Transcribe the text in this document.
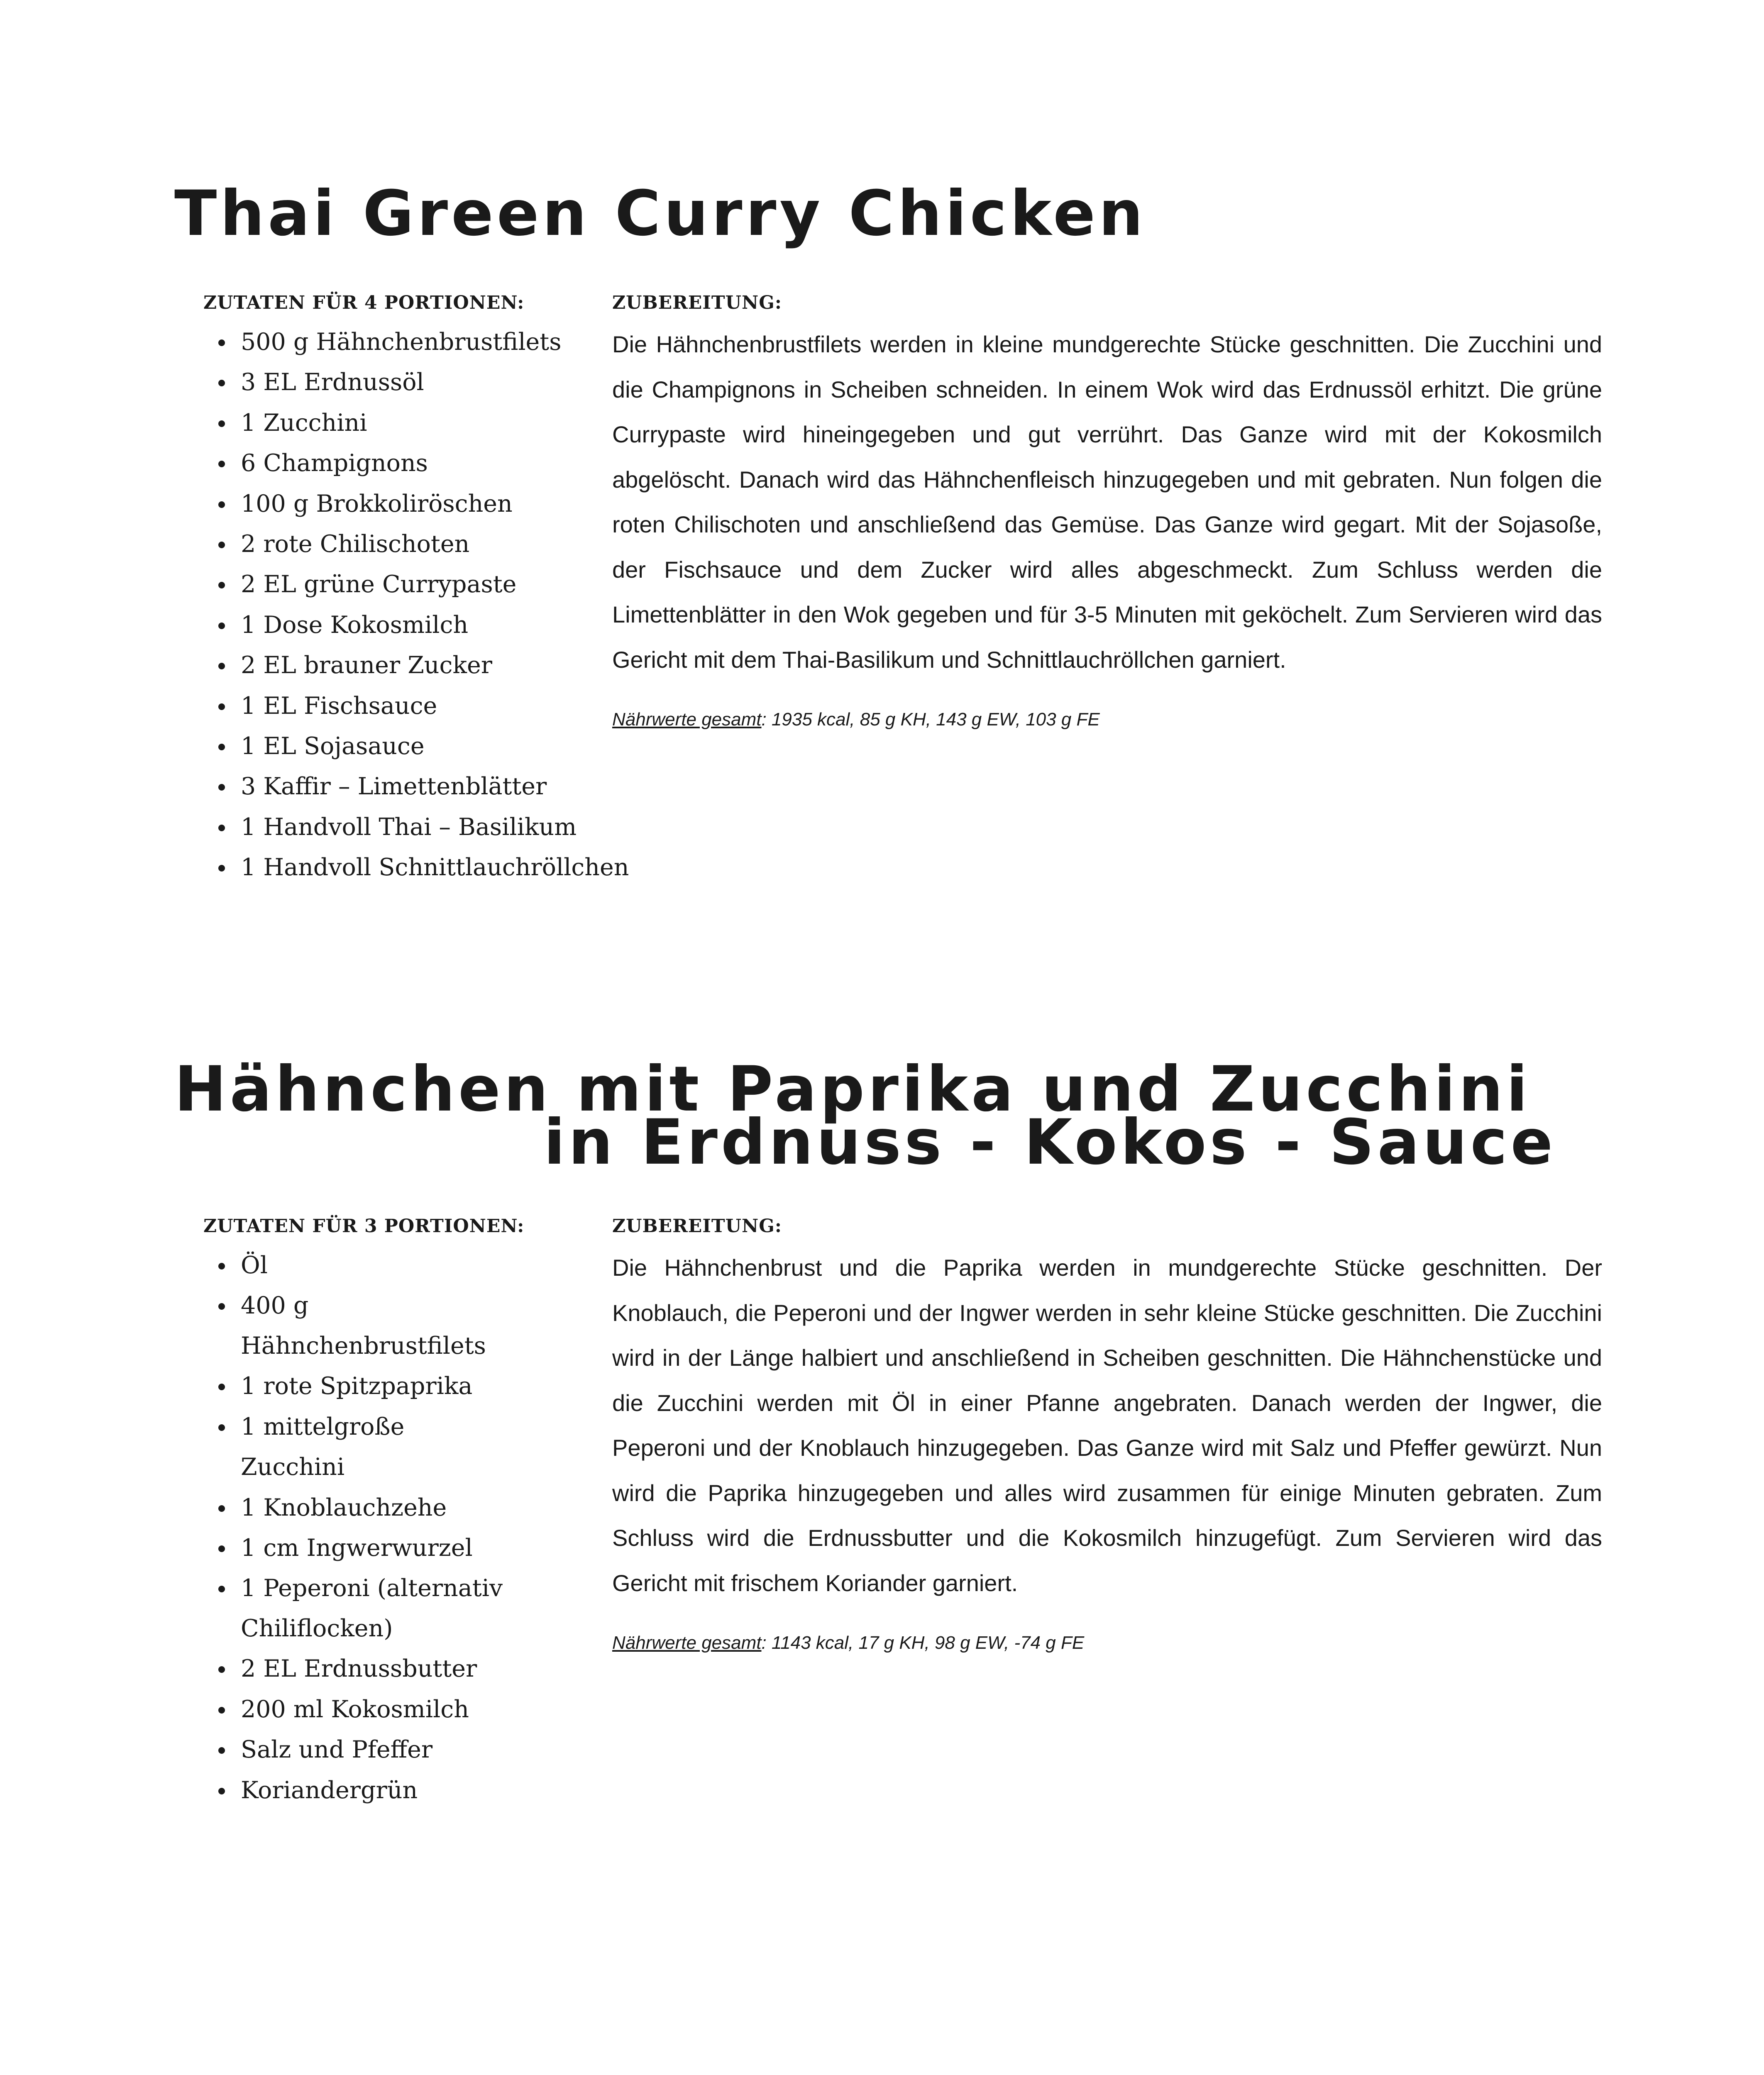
Thai Green Curry Chicken

ZUTATEN FÜR 4 PORTIONEN:

500 g Hähnchenbrustfilets
3 EL Erdnussöl
1 Zucchini
6 Champignons
100 g Brokkoliröschen
2 rote Chilischoten
2 EL grüne Currypaste
1 Dose Kokosmilch
2 EL brauner Zucker
1 EL Fischsauce
1 EL Sojasauce
3 Kaffir – Limettenblätter
1 Handvoll Thai – Basilikum
1 Handvoll Schnittlauchröllchen

ZUBEREITUNG:

Die Hähnchenbrustfilets werden in kleine mundgerechte Stücke geschnitten. Die Zucchini und die Champignons in Scheiben schneiden. In einem Wok wird das Erdnussöl erhitzt. Die grüne Currypaste wird hineingegeben und gut verrührt. Das Ganze wird mit der Kokosmilch abgelöscht. Danach wird das Hähnchenfleisch hinzugegeben und mit gebraten. Nun folgen die roten Chilischoten und anschließend das Gemüse. Das Ganze wird gegart. Mit der Sojasoße, der Fischsauce und dem Zucker wird alles abgeschmeckt. Zum Schluss werden die Limettenblätter in den Wok gegeben und für 3-5 Minuten mit geköchelt. Zum Servieren wird das Gericht mit dem Thai-Basilikum und Schnittlauchröllchen garniert.

Nährwerte gesamt: 1935 kcal, 85 g KH, 143 g EW, 103 g FE

Hähnchen mit Paprika und Zucchini
in Erdnuss - Kokos - Sauce

ZUTATEN FÜR 3 PORTIONEN:

Öl
400 g Hähnchenbrustfilets
1 rote Spitzpaprika
1 mittelgroße Zucchini
1 Knoblauchzehe
1 cm Ingwerwurzel
1 Peperoni (alternativ Chiliflocken)
2 EL Erdnussbutter
200 ml Kokosmilch
Salz und Pfeffer
Koriandergrün

ZUBEREITUNG:

Die Hähnchenbrust und die Paprika werden in mundgerechte Stücke geschnitten. Der Knoblauch, die Peperoni und der Ingwer werden in sehr kleine Stücke geschnitten. Die Zucchini wird in der Länge halbiert und anschließend in Scheiben geschnitten. Die Hähnchenstücke und die Zucchini werden mit Öl in einer Pfanne angebraten. Danach werden der Ingwer, die Peperoni und der Knoblauch hinzugegeben. Das Ganze wird mit Salz und Pfeffer gewürzt. Nun wird die Paprika hinzugegeben und alles wird zusammen für einige Minuten gebraten. Zum Schluss wird die Erdnussbutter und die Kokosmilch hinzugefügt. Zum Servieren wird das Gericht mit frischem Koriander garniert.

Nährwerte gesamt: 1143 kcal, 17 g KH, 98 g EW, -74 g FE
